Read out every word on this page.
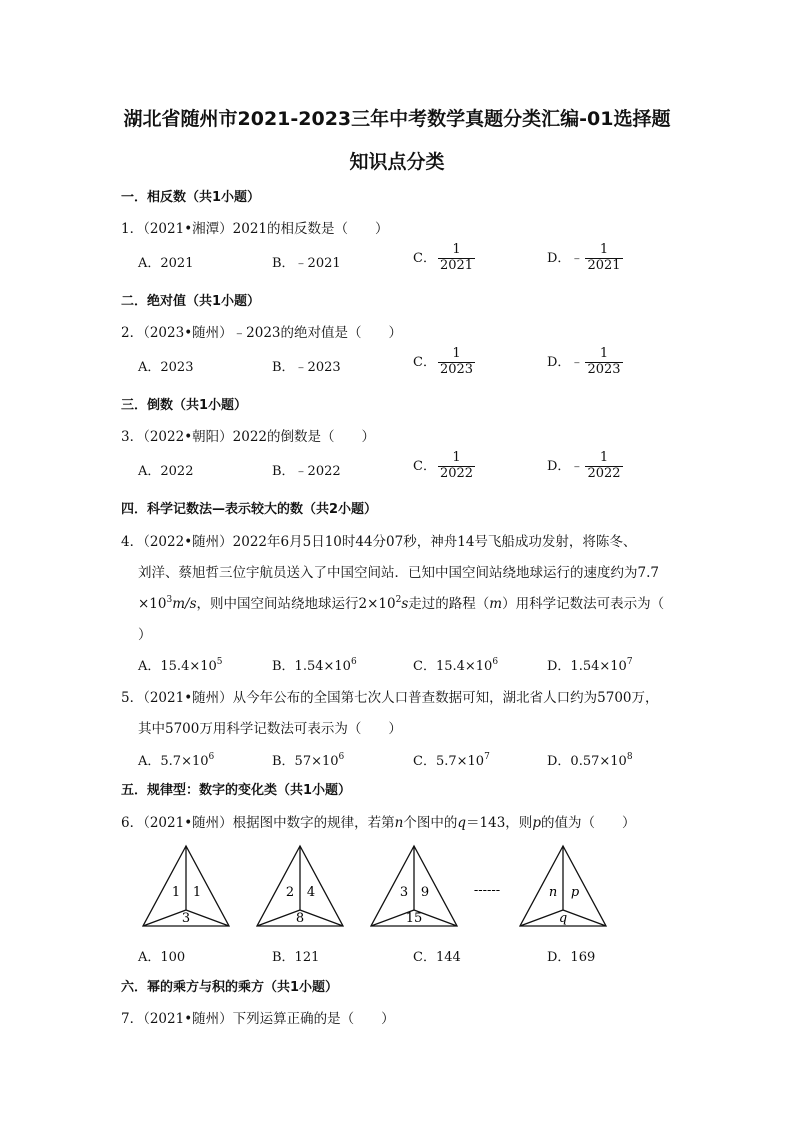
湖北省随州市2021-2023三年中考数学真题分类汇编-01选择题
知识点分类
一．相反数（共1小题）
1．（2021•湘潭）2021的相反数是（　　）
A．2021	B．﹣2021	C． $\frac{1}{2021}$	D．﹣ $\frac{1}{2021}$
二．绝对值（共1小题）
2．（2023•随州）﹣2023的绝对值是（　　）
A．2023	B．﹣2023	C． $\frac{1}{2023}$	D．﹣ $\frac{1}{2023}$
三．倒数（共1小题）
3．（2022•朝阳）2022的倒数是（　　）
A．2022	B．﹣2022	C． $\frac{1}{2022}$	D．﹣ $\frac{1}{2022}$
四．科学记数法—表示较大的数（共2小题）
4．（2022•随州）2022年6月5日10时44分07秒，神舟14号飞船成功发射，将陈冬、
刘洋、蔡旭哲三位宇航员送入了中国空间站．已知中国空间站绕地球运行的速度约为7.7
$\times 10^3m/s$，则中国空间站绕地球运行$2\times 10^2s$走过的路程（m）用科学记数法可表示为（
）
A．$15.4\times 10^5$	B．$1.54\times 10^6$	C．$15.4\times 10^6$	D．$1.54\times 10^7$
5．（2021•随州）从今年公布的全国第七次人口普查数据可知，湖北省人口约为5700万，
其中5700万用科学记数法可表示为（　　）
A．$5.7\times 10^6$	B．$57\times 10^6$	C．$5.7\times 10^7$	D．$0.57\times 10^8$
五．规律型：数字的变化类（共1小题）
6．（2021•随州）根据图中数字的规律，若第n个图中的q＝143，则p的值为（　　）
1 1
3
2 4
8
3 9
15
------	n p
q
A．100	B．121	C．144	D．169
六．幂的乘方与积的乘方（共1小题）
7．（2021•随州）下列运算正确的是（　　）
